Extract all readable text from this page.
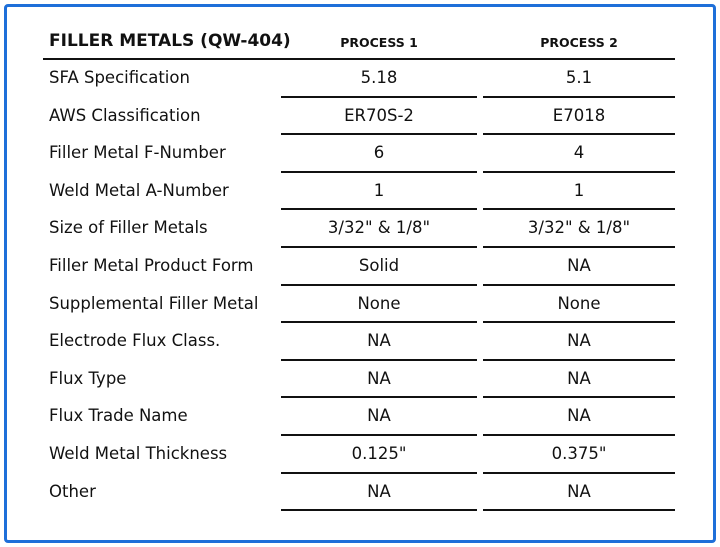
FILLER METALS (QW-404)	PROCESS 1	PROCESS 2
SFA Specification	5.18	5.1
AWS Classification	ER70S-2	E7018
Filler Metal F-Number	6	4
Weld Metal A-Number	1	1
Size of Filler Metals	3/32" & 1/8"	3/32" & 1/8"
Filler Metal Product Form	Solid	NA
Supplemental Filler Metal	None	None
Electrode Flux Class.	NA	NA
Flux Type	NA	NA
Flux Trade Name	NA	NA
Weld Metal Thickness	0.125"	0.375"
Other	NA	NA
